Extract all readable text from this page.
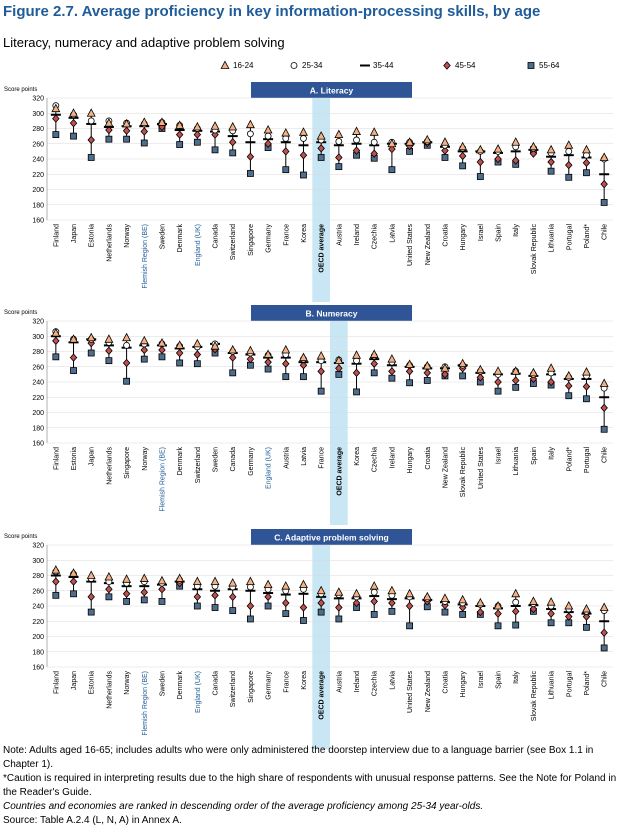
Figure 2.7. Average proficiency in key information-processing skills, by age
Literacy, numeracy and adaptive problem solving
16-24	25-34	35-44	45-54	55-64
Score points	A. Literacy
160
180
200
220
240
260
280
300
320
Finland Japan Estonia Netherlands Norway Flemish Region (BE) Sweden Denmark England (UK) Canada Switzerland Singapore Germany France Korea OECD average Austria Ireland Czechia Latvia United States New Zealand Croatia Hungary Israel Spain Italy Slovak Republic Lithuania Portugal Poland* Chile
Score points	B. Numeracy
160
180
200
220
240
260
280
300
320
Finland Estonia Japan Netherlands Singapore Norway Flemish Region (BE) Denmark Switzerland Sweden Canada Germany England (UK) Austria Latvia France OECD average Korea Czechia Ireland Hungary Croatia New Zealand Slovak Republic United States Israel Lithuania Spain Italy Poland* Portugal Chile
Score points	C. Adaptive problem solving
160
180
200
220
240
260
280
300
320
Finland Japan Estonia Netherlands Norway Flemish Region (BE) Sweden Denmark England (UK) Canada Switzerland Singapore Germany France Korea OECD average Austria Ireland Czechia Latvia United States New Zealand Croatia Hungary Israel Spain Italy Slovak Republic Lithuania Portugal Poland* Chile

Note: Adults aged 16-65; includes adults who were only administered the doorstep interview due to a language barrier (see Box 1.1 in Chapter 1).

*Caution is required in interpreting results due to the high share of respondents with unusual response patterns. See the Note for Poland in the Reader's Guide.

Countries and economies are ranked in descending order of the average proficiency among 25-34 year-olds.

Source: Table A.2.4 (L, N, A) in Annex A.
